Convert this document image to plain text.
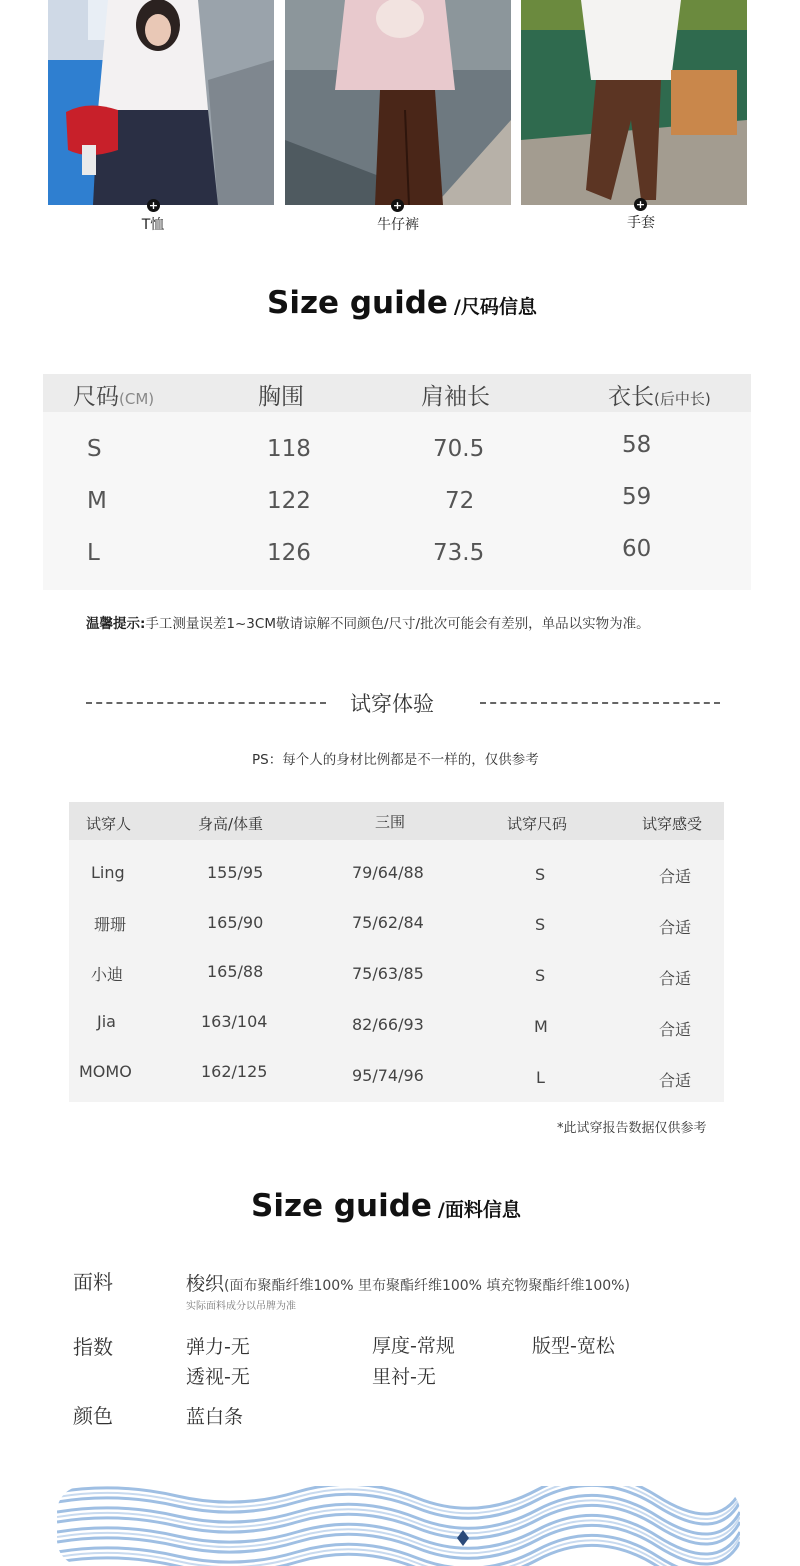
+	+	+
T恤	牛仔裤	手套
Size guide /尺码信息
尺码(CM)	胸围	肩袖长	衣长(后中长)
S	118	70.5	58
M	122	72	59
L	126	73.5	60
温馨提示:手工测量误差1~3CM敬请谅解不同颜色/尺寸/批次可能会有差别，单品以实物为准。
试穿体验
PS：每个人的身材比例都是不一样的，仅供参考
试穿人	身高/体重	三围	试穿尺码	试穿感受
Ling	155/95	79/64/88	S	合适
珊珊	165/90	75/62/84	S	合适
小迪	165/88	75/63/85	S	合适
Jia	163/104	82/66/93	M	合适
MOMO	162/125	95/74/96	L	合适
*此试穿报告数据仅供参考
Size guide /面料信息
面料	梭织(面布聚酯纤维100% 里布聚酯纤维100% 填充物聚酯纤维100%)
实际面料成分以吊牌为准
指数	弹力-无	厚度-常规	版型-宽松
透视-无	里衬-无
颜色	蓝白条
